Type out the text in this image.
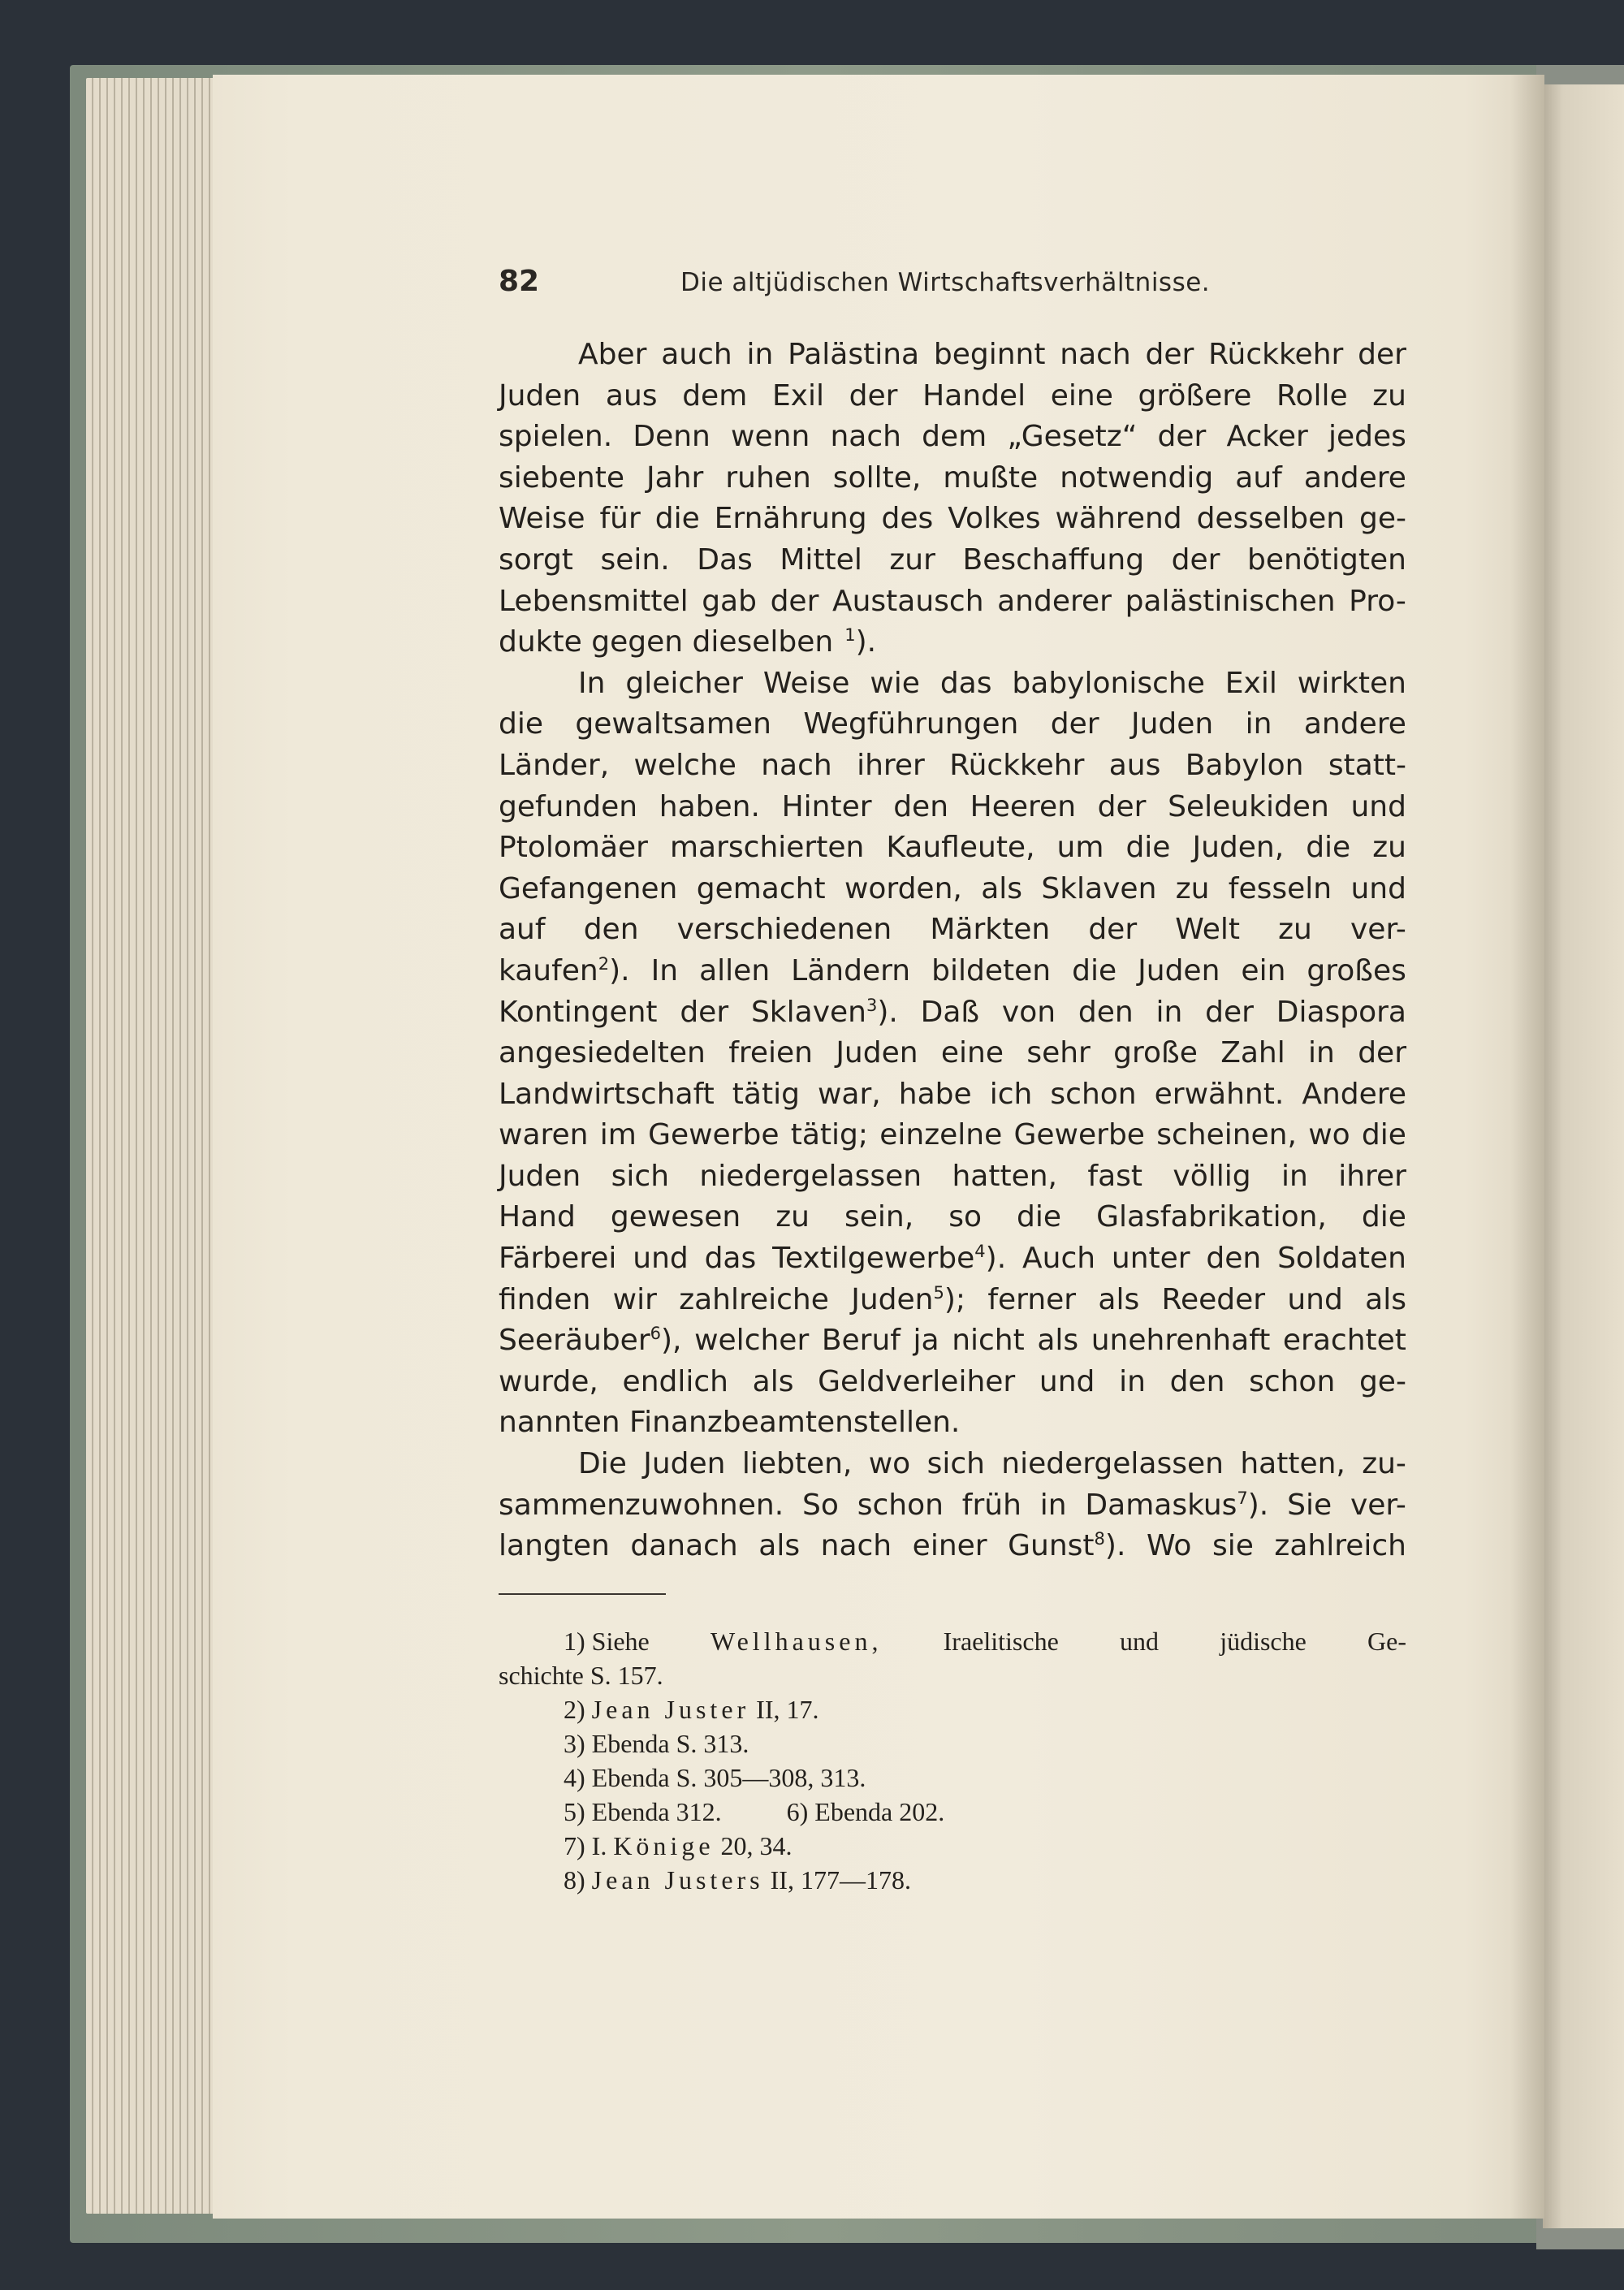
82	Die altjüdischen Wirtschaftsverhältnisse.
Aber auch in Palästina beginnt nach der Rückkehr der
Juden aus dem Exil der Handel eine größere Rolle zu
spielen. Denn wenn nach dem „Gesetz“ der Acker jedes
siebente Jahr ruhen sollte, mußte notwendig auf andere
Weise für die Ernährung des Volkes während desselben ge-
sorgt sein. Das Mittel zur Beschaffung der benötigten
Lebensmittel gab der Austausch anderer palästinischen Pro-
dukte gegen dieselben $^1$).
In gleicher Weise wie das babylonische Exil wirkten
die gewaltsamen Wegführungen der Juden in andere
Länder, welche nach ihrer Rückkehr aus Babylon statt-
gefunden haben. Hinter den Heeren der Seleukiden und
Ptolomäer marschierten Kaufleute, um die Juden, die zu
Gefangenen gemacht worden, als Sklaven zu fesseln und
auf den verschiedenen Märkten der Welt zu ver-
kaufen$^2$). In allen Ländern bildeten die Juden ein großes
Kontingent der Sklaven$^3$). Daß von den in der Diaspora
angesiedelten freien Juden eine sehr große Zahl in der
Landwirtschaft tätig war, habe ich schon erwähnt. Andere
waren im Gewerbe tätig; einzelne Gewerbe scheinen, wo die
Juden sich niedergelassen hatten, fast völlig in ihrer
Hand gewesen zu sein, so die Glasfabrikation, die
Färberei und das Textilgewerbe$^4$). Auch unter den Soldaten
finden wir zahlreiche Juden$^5$); ferner als Reeder und als
Seeräuber$^6$), welcher Beruf ja nicht als unehrenhaft erachtet
wurde, endlich als Geldverleiher und in den schon ge-
nannten Finanzbeamtenstellen.
Die Juden liebten, wo sich niedergelassen hatten, zu-
sammenzuwohnen. So schon früh in Damaskus$^7$). Sie ver-
langten danach als nach einer Gunst$^8$). Wo sie zahlreich
1) Siehe Wellhausen, Iraelitische und jüdische Ge-
schichte S. 157.
2) Jean Juster II, 17.
3) Ebenda S. 313.
4) Ebenda S. 305—308, 313.
5) Ebenda 312.	6) Ebenda 202.
7) I. Könige 20, 34.
8) Jean Justers II, 177—178.
